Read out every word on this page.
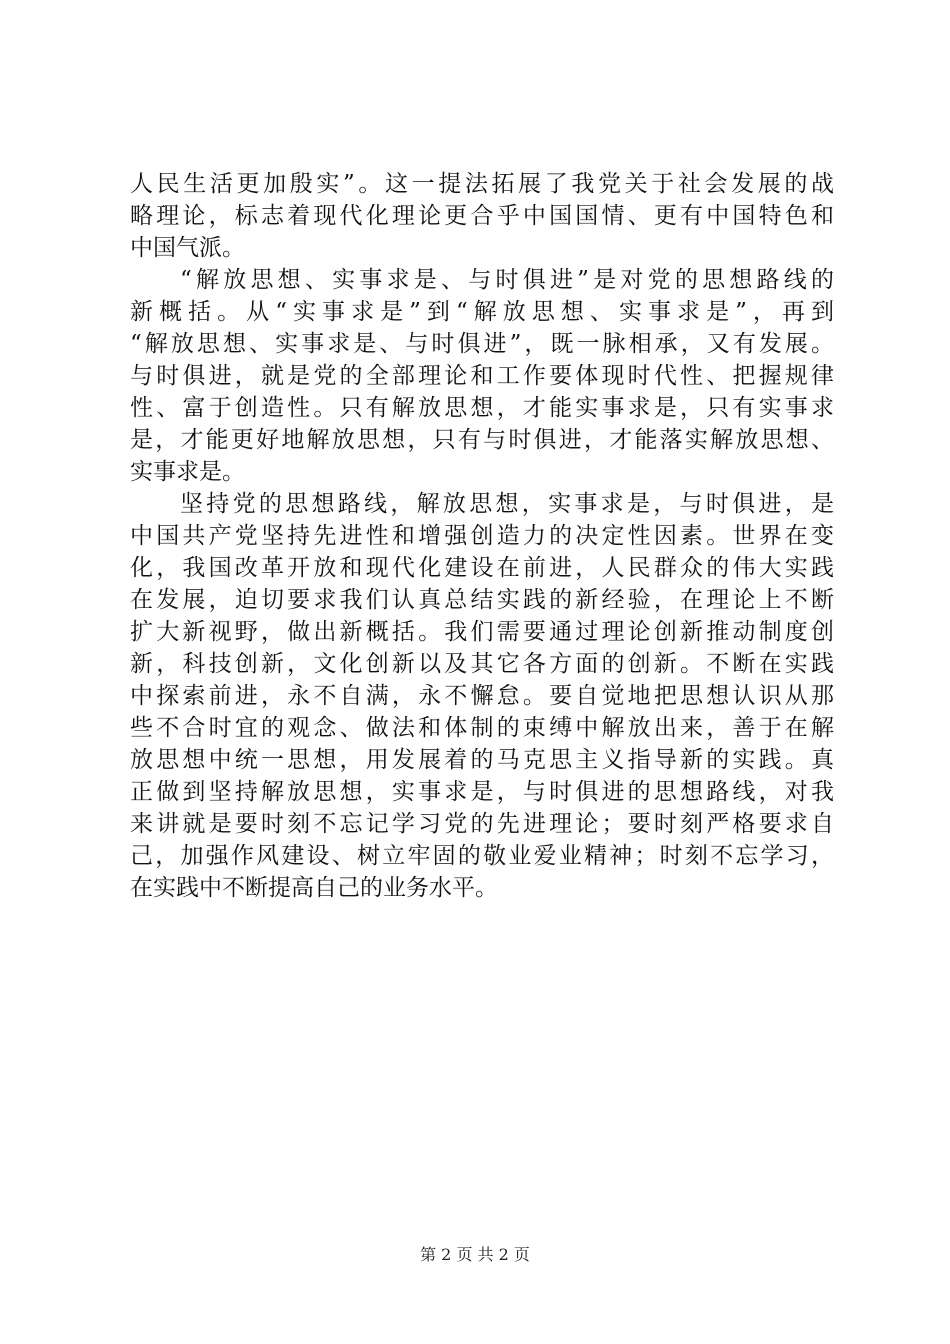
人民生活更加殷实”。这一提法拓展了我党关于社会发展的战
略理论，标志着现代化理论更合乎中国国情、更有中国特色和
中国气派。
“解放思想、实事求是、与时俱进”是对党的思想路线的
新概括。从“实事求是”到“解放思想、实事求是”，再到
“解放思想、实事求是、与时俱进”，既一脉相承，又有发展。
与时俱进，就是党的全部理论和工作要体现时代性、把握规律
性、富于创造性。只有解放思想，才能实事求是，只有实事求
是，才能更好地解放思想，只有与时俱进，才能落实解放思想、
实事求是。
坚持党的思想路线，解放思想，实事求是，与时俱进，是
中国共产党坚持先进性和增强创造力的决定性因素。世界在变
化，我国改革开放和现代化建设在前进，人民群众的伟大实践
在发展，迫切要求我们认真总结实践的新经验，在理论上不断
扩大新视野，做出新概括。我们需要通过理论创新推动制度创
新，科技创新，文化创新以及其它各方面的创新。不断在实践
中探索前进，永不自满，永不懈怠。要自觉地把思想认识从那
些不合时宜的观念、做法和体制的束缚中解放出来，善于在解
放思想中统一思想，用发展着的马克思主义指导新的实践。真
正做到坚持解放思想，实事求是，与时俱进的思想路线，对我
来讲就是要时刻不忘记学习党的先进理论；要时刻严格要求自
己，加强作风建设、树立牢固的敬业爱业精神；时刻不忘学习，
在实践中不断提高自己的业务水平。
第 2 页 共 2 页
